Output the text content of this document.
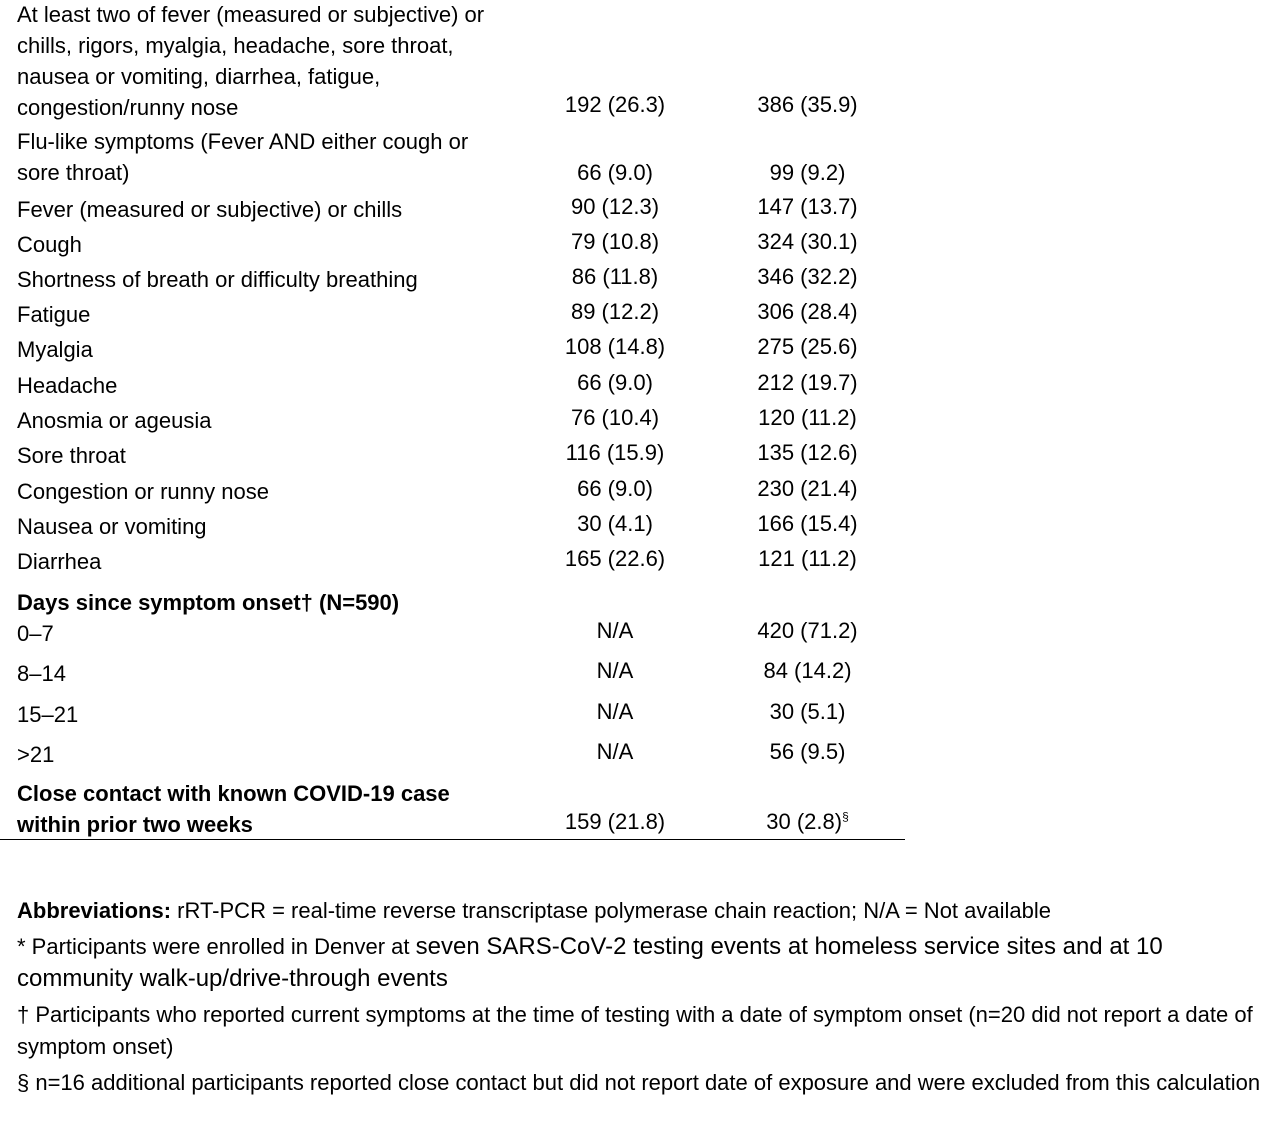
At least two of fever (measured or subjective) or chills, rigors, myalgia, headache, sore throat, nausea or vomiting, diarrhea, fatigue, congestion/runny nose	192 (26.3)	386 (35.9)
Flu-like symptoms (Fever AND either cough or sore throat)	66 (9.0)	99 (9.2)
Fever (measured or subjective) or chills	90 (12.3)	147 (13.7)
Cough	79 (10.8)	324 (30.1)
Shortness of breath or difficulty breathing	86 (11.8)	346 (32.2)
Fatigue	89 (12.2)	306 (28.4)
Myalgia	108 (14.8)	275 (25.6)
Headache	66 (9.0)	212 (19.7)
Anosmia or ageusia	76 (10.4)	120 (11.2)
Sore throat	116 (15.9)	135 (12.6)
Congestion or runny nose	66 (9.0)	230 (21.4)
Nausea or vomiting	30 (4.1)	166 (15.4)
Diarrhea	165 (22.6)	121 (11.2)
Days since symptom onset† (N=590)
0–7	N/A	420 (71.2)
8–14	N/A	84 (14.2)
15–21	N/A	30 (5.1)
>21	N/A	56 (9.5)
Close contact with known COVID-19 case within prior two weeks	159 (21.8)	30 (2.8)§
Abbreviations: rRT-PCR = real-time reverse transcriptase polymerase chain reaction; N/A = Not available
* Participants were enrolled in Denver at seven SARS-CoV-2 testing events at homeless service sites and at 10 community walk-up/drive-through events
† Participants who reported current symptoms at the time of testing with a date of symptom onset (n=20 did not report a date of symptom onset)
§ n=16 additional participants reported close contact but did not report date of exposure and were excluded from this calculation
